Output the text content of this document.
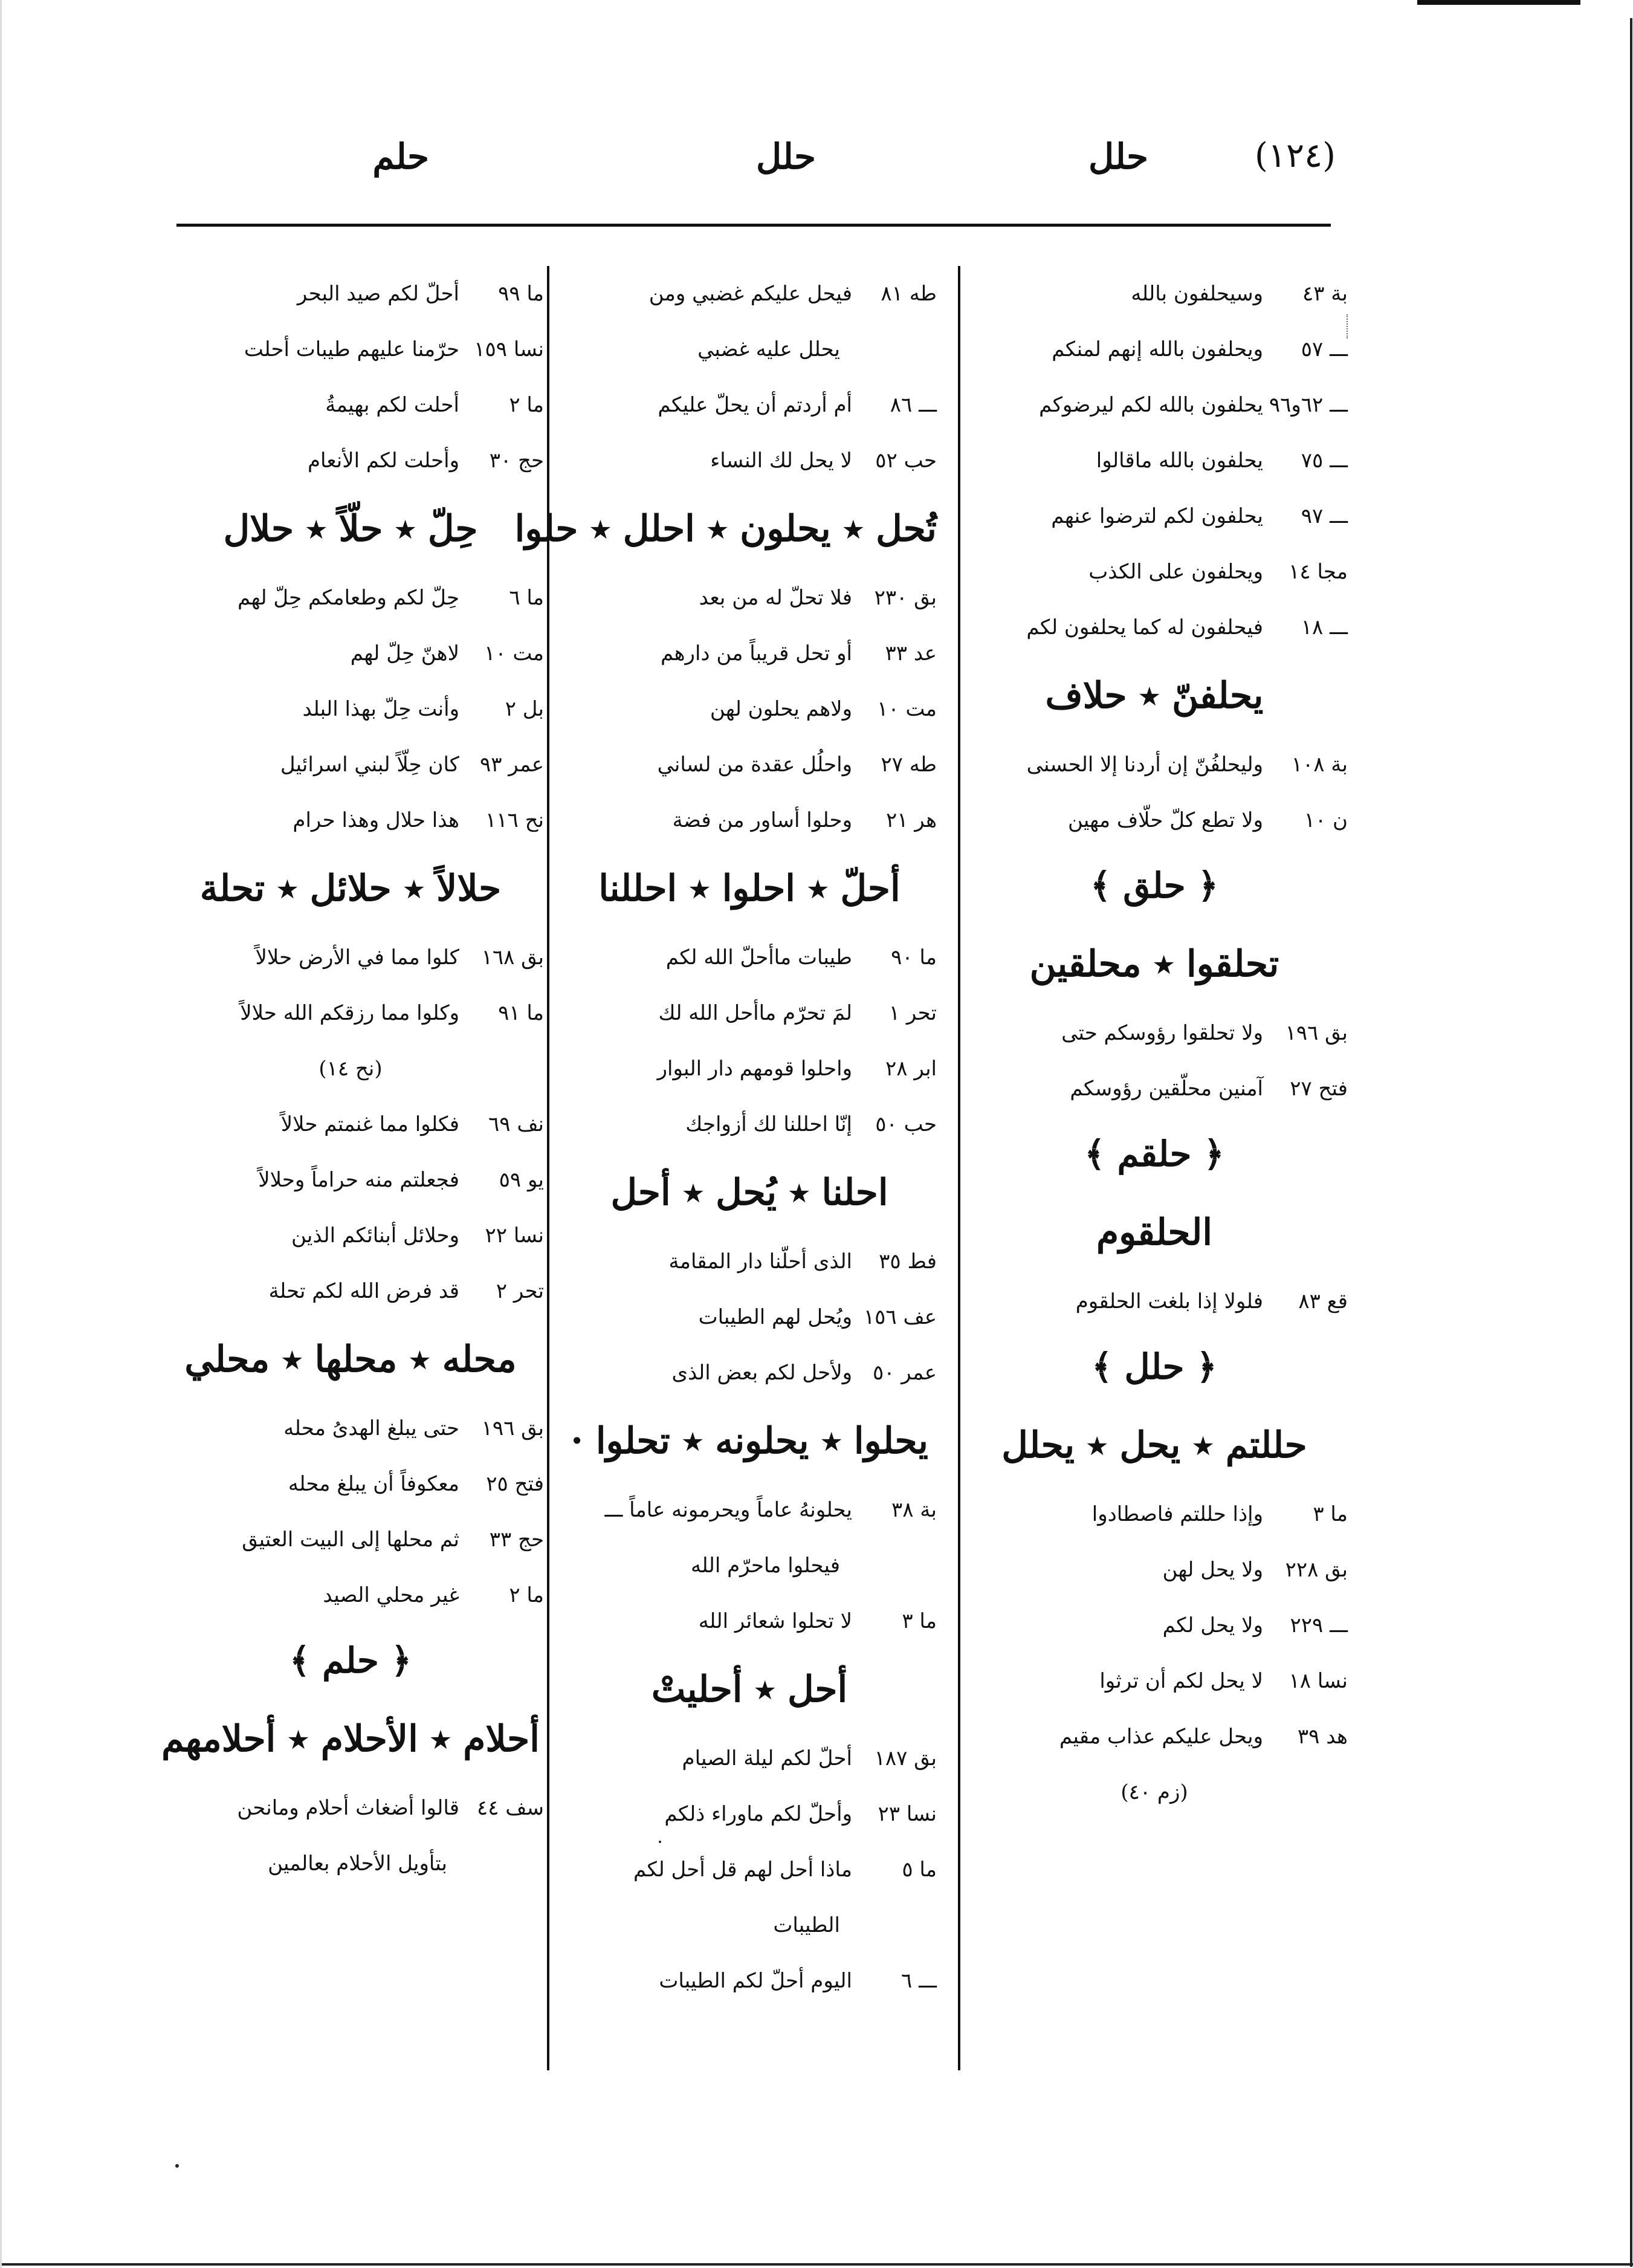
(١٢٤)
حلل
حلل
حلم
بة ٤٣
وسيحلفون بالله
ـــ ٥٧
ويحلفون بالله إنهم لمنكم
ـــ ٦٢و٩٦
يحلفون بالله لكم ليرضوكم
ـــ ٧٥
يحلفون بالله ماقالوا
ـــ ٩٧
يحلفون لكم لترضوا عنهم
مجا ١٤
ويحلفون على الكذب
ـــ ١٨
فيحلفون له كما يحلفون لكم
يحلفنّ ٭ حلاف
بة ١٠٨
وليحلفُنّ إن أردنا إلا الحسنى
ن ١٠
ولا تطع كلّ حلّاف مهين
﴿ حلق ﴾
تحلقوا ٭ محلقين
بق ١٩٦
ولا تحلقوا رؤوسكم حتى
فتح ٢٧
آمنين محلّقين رؤوسكم
﴿ حلقم ﴾
الحلقوم
قع ٨٣
فلولا إذا بلغت الحلقوم
﴿ حلل ﴾
حللتم ٭ يحل ٭ يحلل
ما ٣
وإذا حللتم فاصطادوا
بق ٢٢٨
ولا يحل لهن
ـــ ٢٢٩
ولا يحل لكم
نسا ١٨
لا يحل لكم أن ترثوا
هد ٣٩
ويحل عليكم عذاب مقيم
(زم ٤٠)
طه ٨١
فيحل عليكم غضبي ومن
يحلل عليه غضبي
ـــ ٨٦
أم أردتم أن يحلّ عليكم
حب ٥٢
لا يحل لك النساء
تُحل ٭ يحلون ٭ احلل ٭ حلوا
بق ٢٣٠
فلا تحلّ له من بعد
عد ٣٣
أو تحل قريباً من دارهم
مت ١٠
ولاهم يحلون لهن
طه ٢٧
واحلُل عقدة من لساني
هر ٢١
وحلوا أساور من فضة
أحلّ ٭ احلوا ٭ احللنا
ما ٩٠
طيبات ماأحلّ الله لكم
تحر ١
لمَ تحرّم ماأحل الله لك
ابر ٢٨
واحلوا قومهم دار البوار
حب ٥٠
إنّا احللنا لك أزواجك
احلنا ٭ يُحل ٭ أحل
فط ٣٥
الذى أحلّنا دار المقامة
عف ١٥٦
ويُحل لهم الطيبات
عمر ٥٠
ولأحل لكم بعض الذى
يحلوا ٭ يحلونه ٭ تحلوا ·
بة ٣٨
يحلونهُ عاماً ويحرمونه عاماً ـــ
فيحلوا ماحرّم الله
ما ٣
لا تحلوا شعائر الله
أحل ٭ أحليتْ
بق ١٨٧
أحلّ لكم ليلة الصيام
نسا ٢٣
وأحلّ لكم ماوراء ذلكم
ما ٥
ماذا أحل لهم قل أحل لكم
الطيبات
ـــ ٦
اليوم أحلّ لكم الطيبات
ما ٩٩
أحلّ لكم صيد البحر
نسا ١٥٩
حرّمنا عليهم طيبات أحلت
ما ٢
أحلت لكم بهيمةُ
حج ٣٠
وأحلت لكم الأنعام
حِلّ ٭ حلّاً ٭ حلال
ما ٦
حِلّ لكم وطعامكم حِلّ لهم
مت ١٠
لاهنّ حِلّ لهم
بل ٢
وأنت حِلّ بهذا البلد
عمر ٩٣
كان حِلّاً لبني اسرائيل
نح ١١٦
هذا حلال وهذا حرام
حلالاً ٭ حلائل ٭ تحلة
بق ١٦٨
كلوا مما في الأرض حلالاً
ما ٩١
وكلوا مما رزقكم الله حلالاً
(نح ١٤)
نف ٦٩
فكلوا مما غنمتم حلالاً
يو ٥٩
فجعلتم منه حراماً وحلالاً
نسا ٢٢
وحلائل أبنائكم الذين
تحر ٢
قد فرض الله لكم تحلة
محله ٭ محلها ٭ محلي
بق ١٩٦
حتى يبلغ الهدىُ محله
فتح ٢٥
معكوفاً أن يبلغ محله
حج ٣٣
ثم محلها إلى البيت العتيق
ما ٢
غير محلي الصيد
﴿ حلم ﴾
أحلام ٭ الأحلام ٭ أحلامهم
سف ٤٤
قالوا أضغاث أحلام ومانحن
بتأويل الأحلام بعالمين
